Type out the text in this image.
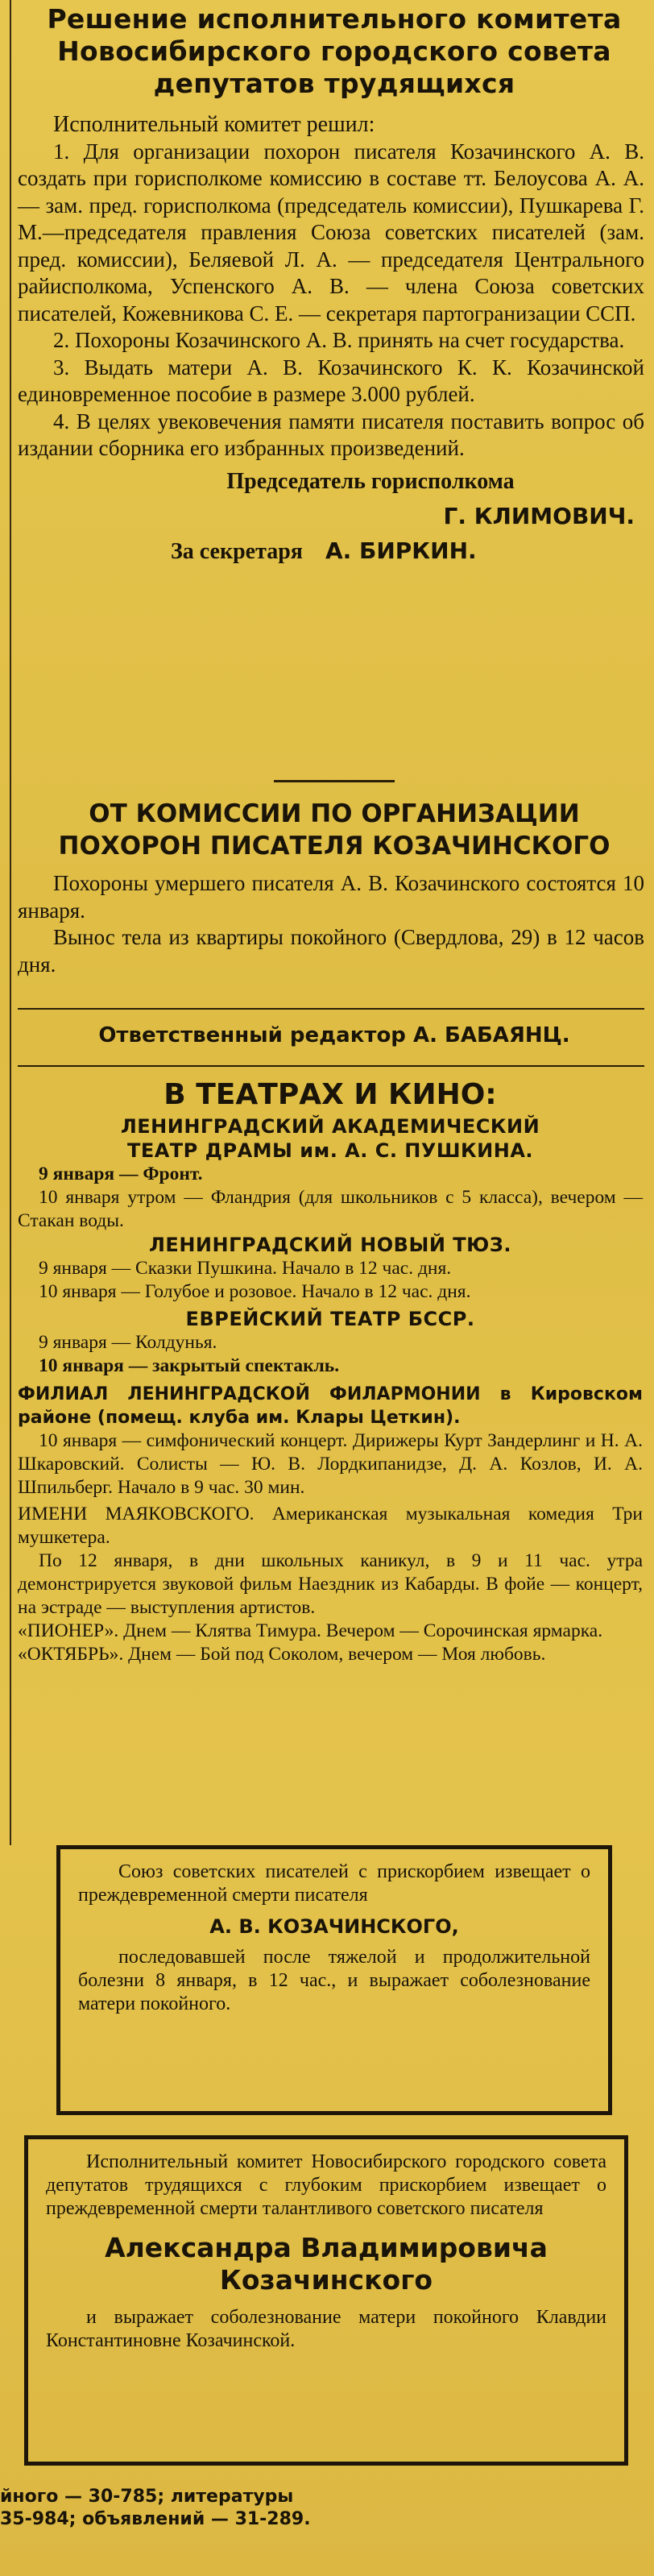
Решение исполнительного комитета
Новосибирского городского совета
депутатов трудящихся

Исполнительный комитет решил:

1. Для организации похорон писателя Козачинского А. В. создать при горисполкоме комиссию в составе тт. Белоусова А. А. — зам. пред. горисполкома (председатель комиссии), Пушкарева Г. М.—председателя правления Союза советских писателей (зам. пред. комиссии), Беляевой Л. А. — председателя Центрального райисполкома, Успенского А. В. — члена Союза советских писателей, Кожевникова С. Е. — секретаря партогранизации ССП.

2. Похороны Козачинского А. В. принять на счет государства.

3. Выдать матери А. В. Козачинского К. К. Козачинской единовременное пособие в размере 3.000 рублей.

4. В целях увековечения памяти писателя поставить вопрос об издании сборника его избранных произведений.

Председатель горисполкома
Г. КЛИМОВИЧ.
За секретаря А. БИРКИН.
ОТ КОМИССИИ ПО ОРГАНИЗАЦИИ
ПОХОРОН ПИСАТЕЛЯ КОЗАЧИНСКОГО

Похороны умершего писателя А. В. Козачинского состоятся 10 января.

Вынос тела из квартиры покойного (Свердлова, 29) в 12 часов дня.

Ответственный редактор А. БАБАЯНЦ.
В ТЕАТРАХ И КИНО:
ЛЕНИНГРАДСКИЙ АКАДЕМИЧЕСКИЙ
ТЕАТР ДРАМЫ им. А. С. ПУШКИНА.

9 января — Фронт.

10 января утром — Фландрия (для школьников с 5 класса), вечером — Стакан воды.

ЛЕНИНГРАДСКИЙ НОВЫЙ ТЮЗ.

9 января — Сказки Пушкина. Начало в 12 час. дня.

10 января — Голубое и розовое. Начало в 12 час. дня.

ЕВРЕЙСКИЙ ТЕАТР БССР.

9 января — Колдунья.

10 января — закрытый спектакль.

ФИЛИАЛ ЛЕНИНГРАДСКОЙ ФИЛАРМОНИИ в Кировском районе (помещ. клуба им. Клары Цеткин).

10 января — симфонический концерт. Дирижеры Курт Зандерлинг и Н. А. Шкаровский. Солисты — Ю. В. Лордкипанидзе, Д. А. Козлов, И. А. Шпильберг. Начало в 9 час. 30 мин.

ИМЕНИ МАЯКОВСКОГО. Американская музыкальная комедия Три мушкетера.

По 12 января, в дни школьных каникул, в 9 и 11 час. утра демонстрируется звуковой фильм Наездник из Кабарды. В фойе — концерт, на эстраде — выступления артистов.

«ПИОНЕР». Днем — Клятва Тимура. Вечером — Сорочинская ярмарка.

«ОКТЯБРЬ». Днем — Бой под Соколом, вечером — Моя любовь.

Союз советских писателей с прискорбием извещает о преждевременной смерти писателя

А. В. КОЗАЧИНСКОГО,

последовавшей после тяжелой и продолжительной болезни 8 января, в 12 час., и выражает соболезнование матери покойного.

Исполнительный комитет Новосибирского городского совета депутатов трудящихся с глубоким прискорбием извещает о преждевременной смерти талантливого советского писателя

Александра Владимировича
Козачинского

и выражает соболезнование матери покойного Клавдии Константиновне Козачинской.

йного — 30-785; литературы
35-984; объявлений — 31-289.
